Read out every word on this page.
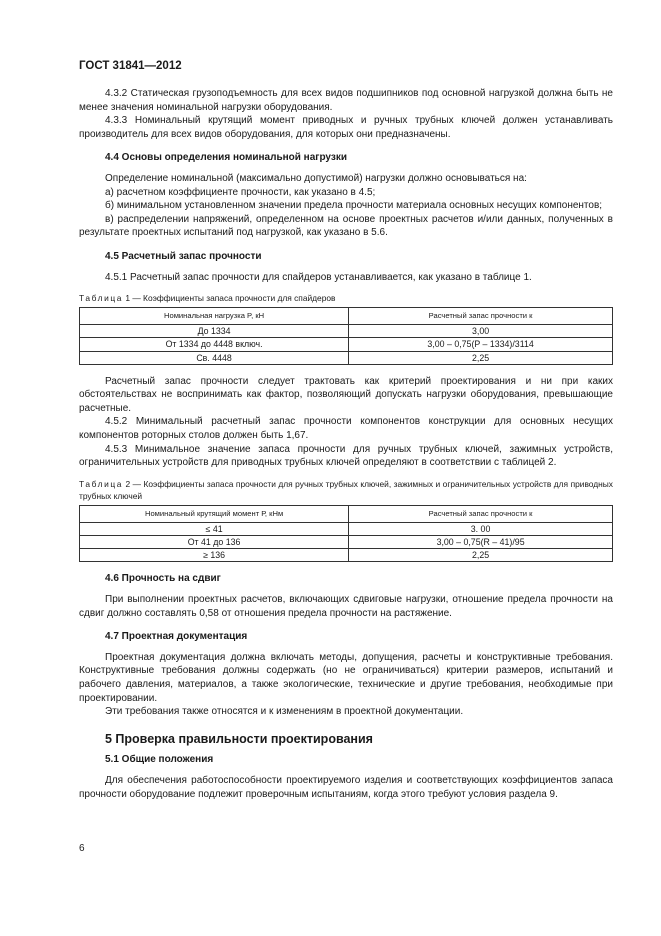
ГОСТ 31841—2012

4.3.2 Статическая грузоподъемность для всех видов подшипников под основной нагрузкой должна быть не менее значения номинальной нагрузки оборудования.

4.3.3 Номинальный крутящий момент приводных и ручных трубных ключей должен устанавливать производитель для всех видов оборудования, для которых они предназначены.

4.4 Основы определения номинальной нагрузки

Определение номинальной (максимально допустимой) нагрузки должно основываться на:

а) расчетном коэффициенте прочности, как указано в 4.5;

б) минимальном установленном значении предела прочности материала основных несущих компонентов;

в) распределении напряжений, определенном на основе проектных расчетов и/или данных, полученных в результате проектных испытаний под нагрузкой, как указано в 5.6.

4.5 Расчетный запас прочности

4.5.1 Расчетный запас прочности для спайдеров устанавливается, как указано в таблице 1.

Таблица 1 — Коэффициенты запаса прочности для спайдеров
Номинальная нагрузка P, кН	Расчетный запас прочности к
До 1334	3,00
От 1334 до 4448 включ.	3,00 – 0,75(P – 1334)/3114
Св. 4448	2,25

Расчетный запас прочности следует трактовать как критерий проектирования и ни при каких обстоятельствах не воспринимать как фактор, позволяющий допускать нагрузки оборудования, превышающие расчетные.

4.5.2 Минимальный расчетный запас прочности компонентов конструкции для основных несущих компонентов роторных столов должен быть 1,67.

4.5.3 Минимальное значение запаса прочности для ручных трубных ключей, зажимных устройств, ограничительных устройств для приводных трубных ключей определяют в соответствии с таблицей 2.

Таблица 2 — Коэффициенты запаса прочности для ручных трубных ключей, зажимных и ограничительных устройств для приводных трубных ключей
Номинальный крутящий момент Р, кНм	Расчетный запас прочности к
≤ 41	3. 00
От 41 до 136	3,00 – 0,75(R – 41)/95
≥ 136	2,25
4.6 Прочность на сдвиг

При выполнении проектных расчетов, включающих сдвиговые нагрузки, отношение предела прочности на сдвиг должно составлять 0,58 от отношения предела прочности на растяжение.

4.7 Проектная документация

Проектная документация должна включать методы, допущения, расчеты и конструктивные требования. Конструктивные требования должны содержать (но не ограничиваться) критерии размеров, испытаний и рабочего давления, материалов, а также экологические, технические и другие требования, необходимые при проектировании.

Эти требования также относятся и к изменениям в проектной документации.

5 Проверка правильности проектирования
5.1 Общие положения

Для обеспечения работоспособности проектируемого изделия и соответствующих коэффициентов запаса прочности оборудование подлежит проверочным испытаниям, когда этого требуют условия раздела 9.

6
